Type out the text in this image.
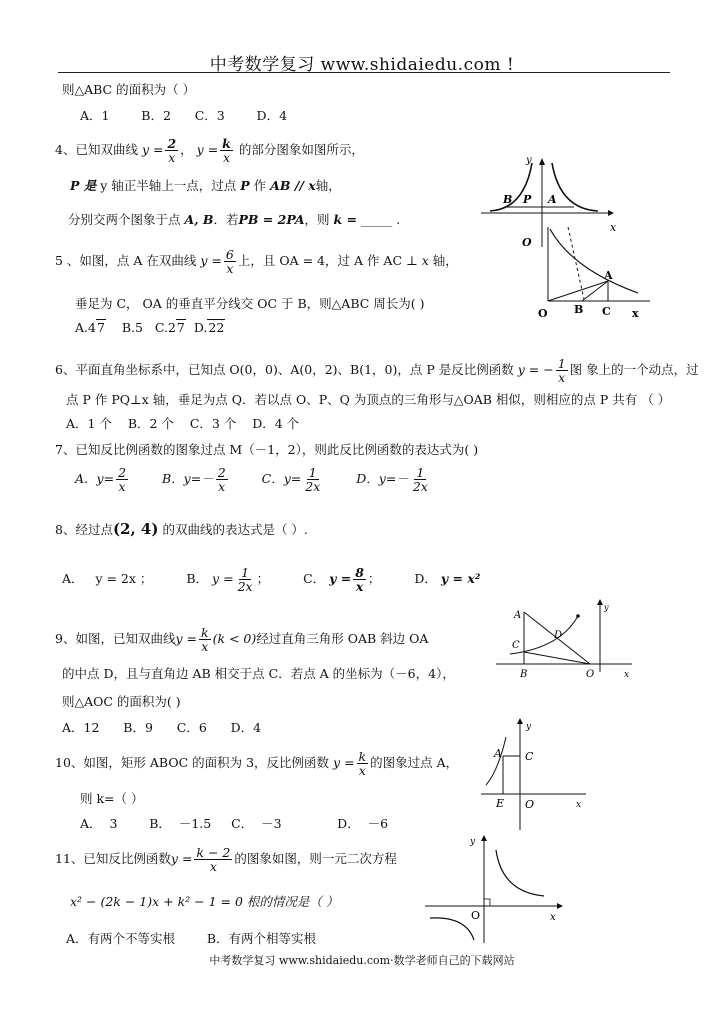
中考数学复习 www.shidaiedu.com !
则△ABC 的面积为（ ）
A．1        B．2      C．3        D．4
4、已知双曲线 $y = \frac{2}{x}$ ， $y = \frac{k}{x}$ 的部分图象如图所示，
P 是 y 轴正半轴上一点，过点 P 作 AB // x轴，
分别交两个图象于点 A, B．若PB = 2PA，则 k = _____ .
y
x
O
B P A
5 、如图，点 A 在双曲线 $y = \frac{6}{x}$ 上，且 OA = 4，过 A 作 AC ⊥ x 轴，
垂足为 C， OA 的垂直平分线交 OC 于 B，则△ABC 周长为( )
A.47 B.5 C.27 D.22
A
O B C x
6、平面直角坐标系中，已知点 O(0，0)、A(0，2)、B(1，0)，点 P 是反比例函数 y = − $\frac{1}{x}$ 图 象上的一个动点，过
点 P 作 PQ⊥x 轴，垂足为点 Q．若以点 O、P、Q 为顶点的三角形与△OAB 相似，则相应的点 P 共有 （ ）
A．1 个    B．2 个    C．3 个    D．4 个
7、已知反比例函数的图象过点 M（－1，2），则此反比例函数的表达式为( )
A．$y= \frac{2}{x}$	B．$y=- \frac{2}{x}$	C．$y= \frac{1}{2x}$	D．$y=- \frac{1}{2x}$
8、经过点(2, 4) 的双曲线的表达式是（ ）.
A．   y = 2x ；	B． $y = \frac{1}{2x}$ ；	C． $y = \frac{8}{x}$ ；	D． y = x²
9、如图，已知双曲线$y = \frac{k}{x} (k < 0)$经过直角三角形 OAB 斜边 OA
的中点 D，且与直角边 AB 相交于点 C．若点 A 的坐标为（－6，4），
则△AOC 的面积为( )
A．12      B．9      C．6      D．4
A
C
D
B	O	x
y
10、如图，矩形 ABOC 的面积为 3，反比例函数 $y = \frac{k}{x}$ 的图象过点 A，
则 k=（ ）
A．  3        B．  －1.5     C．  －3              D．  －6
A C
E O	x
y
11、已知反比例函数$y = \frac{k - 2}{x}$ 的图象如图，则一元二次方程
x² − (2k − 1)x + k² − 1 = 0 根的情况是（ ）
A．有两个不等实根        B．有两个相等实根
y
O	x
中考数学复习 www.shidaiedu.com·数学老师自己的下载网站
